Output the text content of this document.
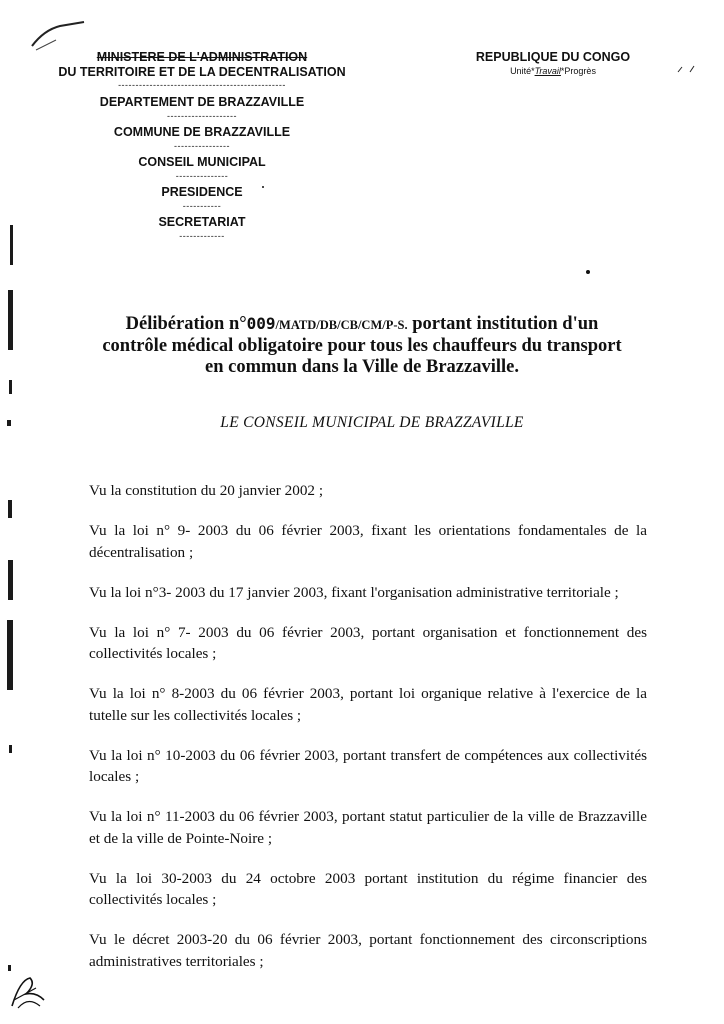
MINISTERE DE L'ADMINISTRATION
DU TERRITOIRE ET DE LA DECENTRALISATION
------------------------------------------------
DEPARTEMENT DE BRAZZAVILLE
--------------------
COMMUNE DE BRAZZAVILLE
----------------
CONSEIL MUNICIPAL
---------------
PRESIDENCE
-----------
SECRETARIAT
-------------
REPUBLIQUE DU CONGO
Unité*Travail*Progrès
Délibération n°009/MATD/DB/CB/CM/P-S. portant institution d'un
contrôle médical obligatoire pour tous les chauffeurs du transport
en commun dans la Ville de Brazzaville.
LE CONSEIL MUNICIPAL DE BRAZZAVILLE
Vu la constitution du 20 janvier 2002 ;
Vu la loi n° 9- 2003 du 06 février 2003, fixant les orientations fondamentales de la décentralisation ;
Vu la loi n°3- 2003 du 17 janvier 2003, fixant l'organisation administrative territoriale ;
Vu la loi n° 7- 2003 du 06 février 2003, portant organisation et fonctionnement des collectivités locales ;
Vu la loi n° 8-2003 du 06 février 2003, portant loi organique relative à l'exercice de la tutelle sur les collectivités locales ;
Vu la loi n° 10-2003 du 06 février 2003, portant transfert de compétences aux collectivités locales ;
Vu la loi n° 11-2003 du 06 février 2003, portant statut particulier de la ville de Brazzaville et de la ville de Pointe-Noire ;
Vu la loi 30-2003 du 24 octobre 2003 portant institution du régime financier des collectivités locales ;
Vu le décret 2003-20 du 06 février 2003, portant fonctionnement des circonscriptions administratives territoriales ;
